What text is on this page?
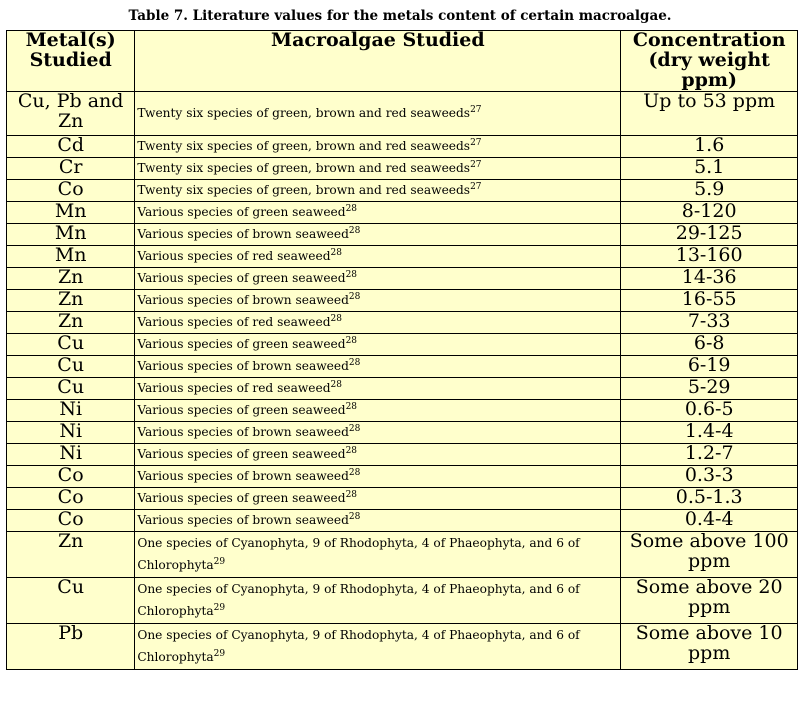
Table 7. Literature values for the metals content of certain macroalgae.
Metal(s) Studied	Macroalgae Studied	Concentration (dry weight ppm)
Cu, Pb and Zn	Twenty six species of green, brown and red seaweeds$^{27}$	Up to 53 ppm
Cd	Twenty six species of green, brown and red seaweeds$^{27}$	1.6
Cr	Twenty six species of green, brown and red seaweeds$^{27}$	5.1
Co	Twenty six species of green, brown and red seaweeds$^{27}$	5.9
Mn	Various species of green seaweed$^{28}$	8-120
Mn	Various species of brown seaweed$^{28}$	29-125
Mn	Various species of red seaweed$^{28}$	13-160
Zn	Various species of green seaweed$^{28}$	14-36
Zn	Various species of brown seaweed$^{28}$	16-55
Zn	Various species of red seaweed$^{28}$	7-33
Cu	Various species of green seaweed$^{28}$	6-8
Cu	Various species of brown seaweed$^{28}$	6-19
Cu	Various species of red seaweed$^{28}$	5-29
Ni	Various species of green seaweed$^{28}$	0.6-5
Ni	Various species of brown seaweed$^{28}$	1.4-4
Ni	Various species of green seaweed$^{28}$	1.2-7
Co	Various species of brown seaweed$^{28}$	0.3-3
Co	Various species of green seaweed$^{28}$	0.5-1.3
Co	Various species of brown seaweed$^{28}$	0.4-4
Zn	One species of Cyanophyta, 9 of Rhodophyta, 4 of Phaeophyta, and 6 of Chlorophyta$^{29}$	Some above 100 ppm
Cu	One species of Cyanophyta, 9 of Rhodophyta, 4 of Phaeophyta, and 6 of Chlorophyta$^{29}$	Some above 20 ppm
Pb	One species of Cyanophyta, 9 of Rhodophyta, 4 of Phaeophyta, and 6 of Chlorophyta$^{29}$	Some above 10 ppm
